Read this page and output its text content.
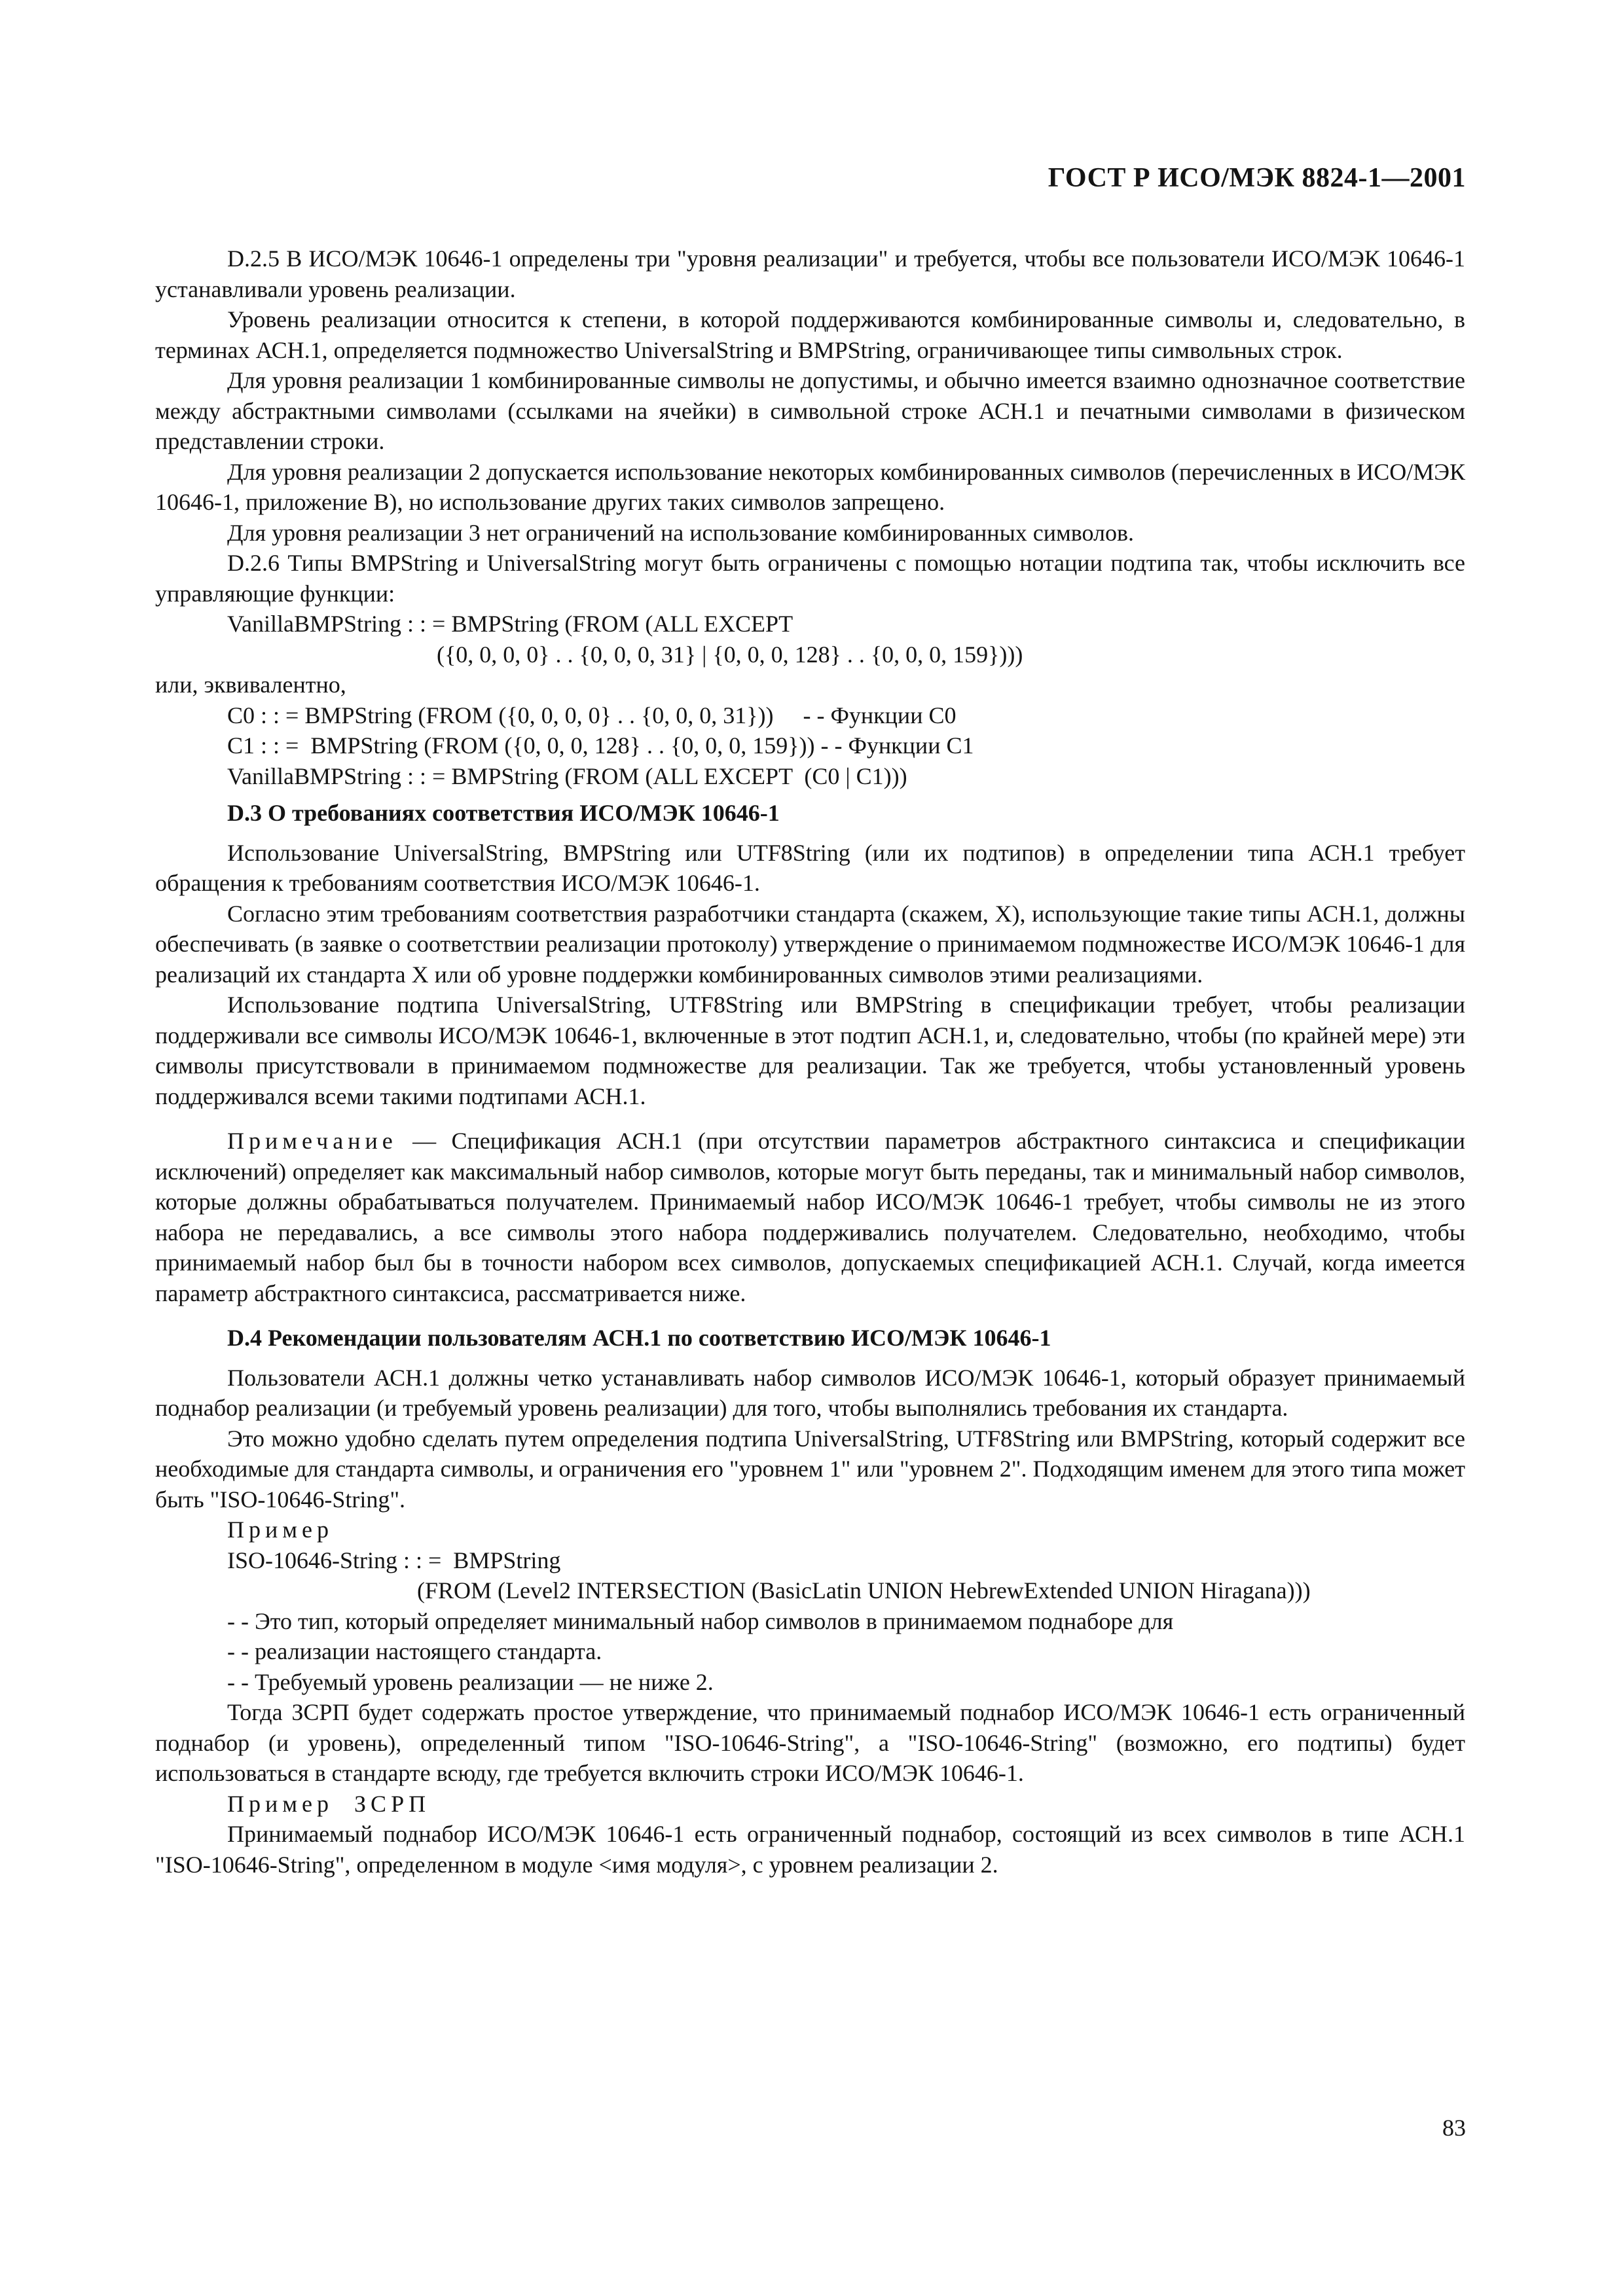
ГОСТ Р ИСО/МЭК 8824-1—2001

D.2.5 В ИСО/МЭК 10646-1 определены три "уровня реализации" и требуется, чтобы все пользователи ИСО/МЭК 10646-1 устанавливали уровень реализации.

Уровень реализации относится к степени, в которой поддерживаются комбинированные символы и, следовательно, в терминах АСН.1, определяется подмножество UniversalString и BMPString, ограничивающее типы символьных строк.

Для уровня реализации 1 комбинированные символы не допустимы, и обычно имеется взаимно однозначное соответствие между абстрактными символами (ссылками на ячейки) в символьной строке АСН.1 и печатными символами в физическом представлении строки.

Для уровня реализации 2 допускается использование некоторых комбинированных символов (перечисленных в ИСО/МЭК 10646-1, приложение В), но использование других таких символов запрещено.

Для уровня реализации 3 нет ограничений на использование комбинированных символов.

D.2.6 Типы BMPString и UniversalString могут быть ограничены с помощью нотации подтипа так, чтобы исключить все управляющие функции:

VanillaBMPString : : = BMPString (FROM (ALL EXCEPT

({0, 0, 0, 0} . . {0, 0, 0, 31} | {0, 0, 0, 128} . . {0, 0, 0, 159})))

или, эквивалентно,

C0 : : = BMPString (FROM ({0, 0, 0, 0} . . {0, 0, 0, 31}))     - - Функции C0

C1 : : =  BMPString (FROM ({0, 0, 0, 128} . . {0, 0, 0, 159})) - - Функции C1

VanillaBMPString : : = BMPString (FROM (ALL EXCEPT  (C0 | C1)))

D.3 О требованиях соответствия ИСО/МЭК 10646-1

Использование UniversalString, BMPString или UTF8String (или их подтипов) в определении типа АСН.1 требует обращения к требованиям соответствия ИСО/МЭК 10646-1.

Согласно этим требованиям соответствия разработчики стандарта (скажем, X), использующие такие типы АСН.1, должны обеспечивать (в заявке о соответствии реализации протоколу) утверждение о принимаемом подмножестве ИСО/МЭК 10646-1 для реализаций их стандарта X или об уровне поддержки комбинированных символов этими реализациями.

Использование подтипа UniversalString, UTF8String или BMPString в спецификации требует, чтобы реализации поддерживали все символы ИСО/МЭК 10646-1, включенные в этот подтип АСН.1, и, следовательно, чтобы (по крайней мере) эти символы присутствовали в принимаемом подмножестве для реализации. Так же требуется, чтобы установленный уровень поддерживался всеми такими подтипами АСН.1.

Примечание — Спецификация АСН.1 (при отсутствии параметров абстрактного синтаксиса и спецификации исключений) определяет как максимальный набор символов, которые могут быть переданы, так и минимальный набор символов, которые должны обрабатываться получателем. Принимаемый набор ИСО/МЭК 10646-1 требует, чтобы символы не из этого набора не передавались, а все символы этого набора поддерживались получателем. Следовательно, необходимо, чтобы принимаемый набор был бы в точности набором всех символов, допускаемых спецификацией АСН.1. Случай, когда имеется параметр абстрактного синтаксиса, рассматривается ниже.

D.4 Рекомендации пользователям АСН.1 по соответствию ИСО/МЭК 10646-1

Пользователи АСН.1 должны четко устанавливать набор символов ИСО/МЭК 10646-1, который образует принимаемый поднабор реализации (и требуемый уровень реализации) для того, чтобы выполнялись требования их стандарта.

Это можно удобно сделать путем определения подтипа UniversalString, UTF8String или BMPString, который содержит все необходимые для стандарта символы, и ограничения его "уровнем 1" или "уровнем 2". Подходящим именем для этого типа может быть "ISO-10646-String".

Пример

ISO-10646-String : : =  BMPString

(FROM (Level2 INTERSECTION (BasicLatin UNION HebrewExtended UNION Hiragana)))

- - Это тип, который определяет минимальный набор символов в принимаемом поднаборе для

- - реализации настоящего стандарта.

- - Требуемый уровень реализации — не ниже 2.

Тогда ЗСРП будет содержать простое утверждение, что принимаемый поднабор ИСО/МЭК 10646-1 есть ограниченный поднабор (и уровень), определенный типом "ISO-10646-String", а "ISO-10646-String" (возможно, его подтипы) будет использоваться в стандарте всюду, где требуется включить строки ИСО/МЭК 10646-1.

Пример  ЗСРП

Принимаемый поднабор ИСО/МЭК 10646-1 есть ограниченный поднабор, состоящий из всех символов в типе АСН.1 "ISO-10646-String", определенном в модуле <имя модуля>, с уровнем реализации 2.

83
